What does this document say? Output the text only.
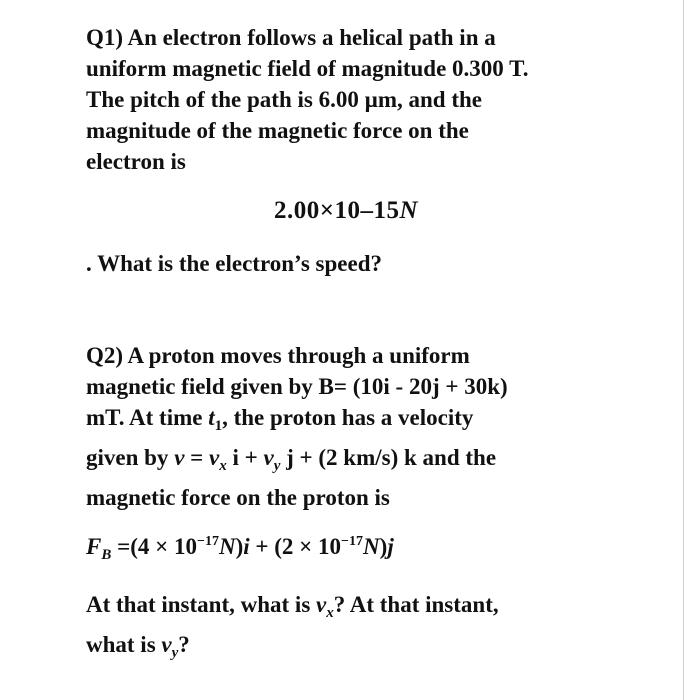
Q1) An electron follows a helical path in a
uniform magnetic field of magnitude 0.300 T.
The pitch of the path is 6.00 µm, and the
magnitude of the magnetic force on the
electron is
2.00×10–15N
. What is the electron’s speed?
Q2) A proton moves through a uniform
magnetic field given by B= (10i - 20j + 30k)
mT. At time $t_1$, the proton has a velocity
given by $v = v_x$ $i + v_y$ j + (2 km/s) k and the
magnetic force on the proton is
$F_B =(4 \times 10^{-17}N)i + (2 \times 10^{-17}N)j$
At that instant, what is $v_x$? At that instant,
what is $v_y$?
